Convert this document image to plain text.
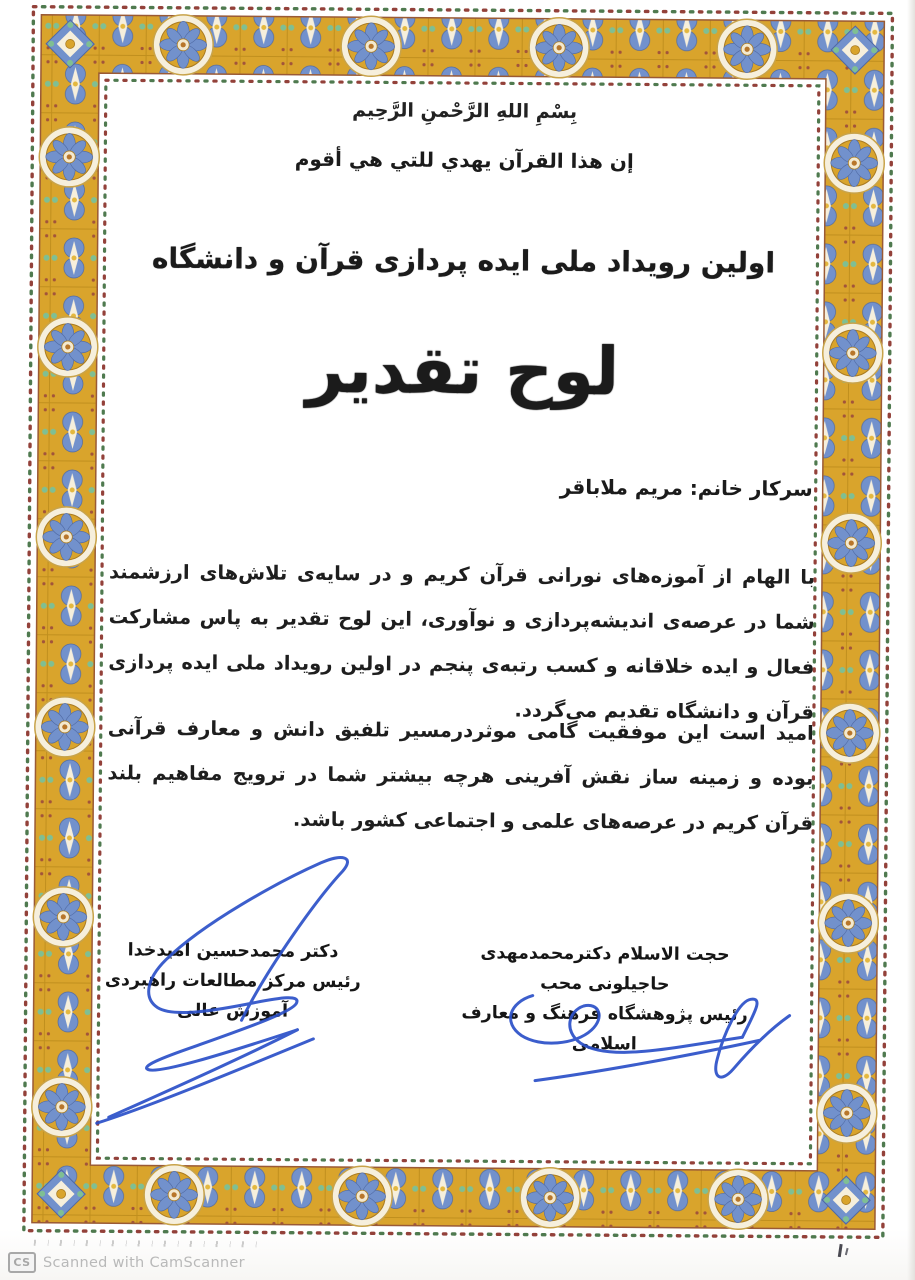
بِسْمِ اللهِ الرَّحْمنِ الرَّحِيم
إن هذا القرآن يهدي للتي هي أقوم
اولین رویداد ملی ایده پردازی قرآن و دانشگاه
لوح تقدیر
سرکار خانم: مریم ملاباقر
با الهام از آموزه‌های نورانی قرآن کریم و در سایه‌ی تلاش‌های ارزشمند شما در عرصه‌ی اندیشه‌پردازی و نوآوری، این لوح تقدیر به پاس مشارکت فعال و ایده خلاقانه و کسب رتبه‌ی پنجم در اولین رویداد ملی ایده پردازی قرآن و دانشگاه تقدیم می‌گردد.
امید است این موفقیت گامی موثردرمسیر تلفیق دانش و معارف قرآنی بوده و زمینه ساز نقش آفرینی هرچه بیشتر شما در ترویج مفاهیم بلند قرآن کریم در عرصه‌های علمی و اجتماعی کشور باشد.
حجت الاسلام دکترمحمدمهدی حاجیلونی محب
رئیس پژوهشگاه فرهنگ و معارف اسلامی
دکتر محمدحسین امیدخدا
رئیس مرکز مطالعات راهبردی آموزش عالی
CS Scanned with CamScanner
